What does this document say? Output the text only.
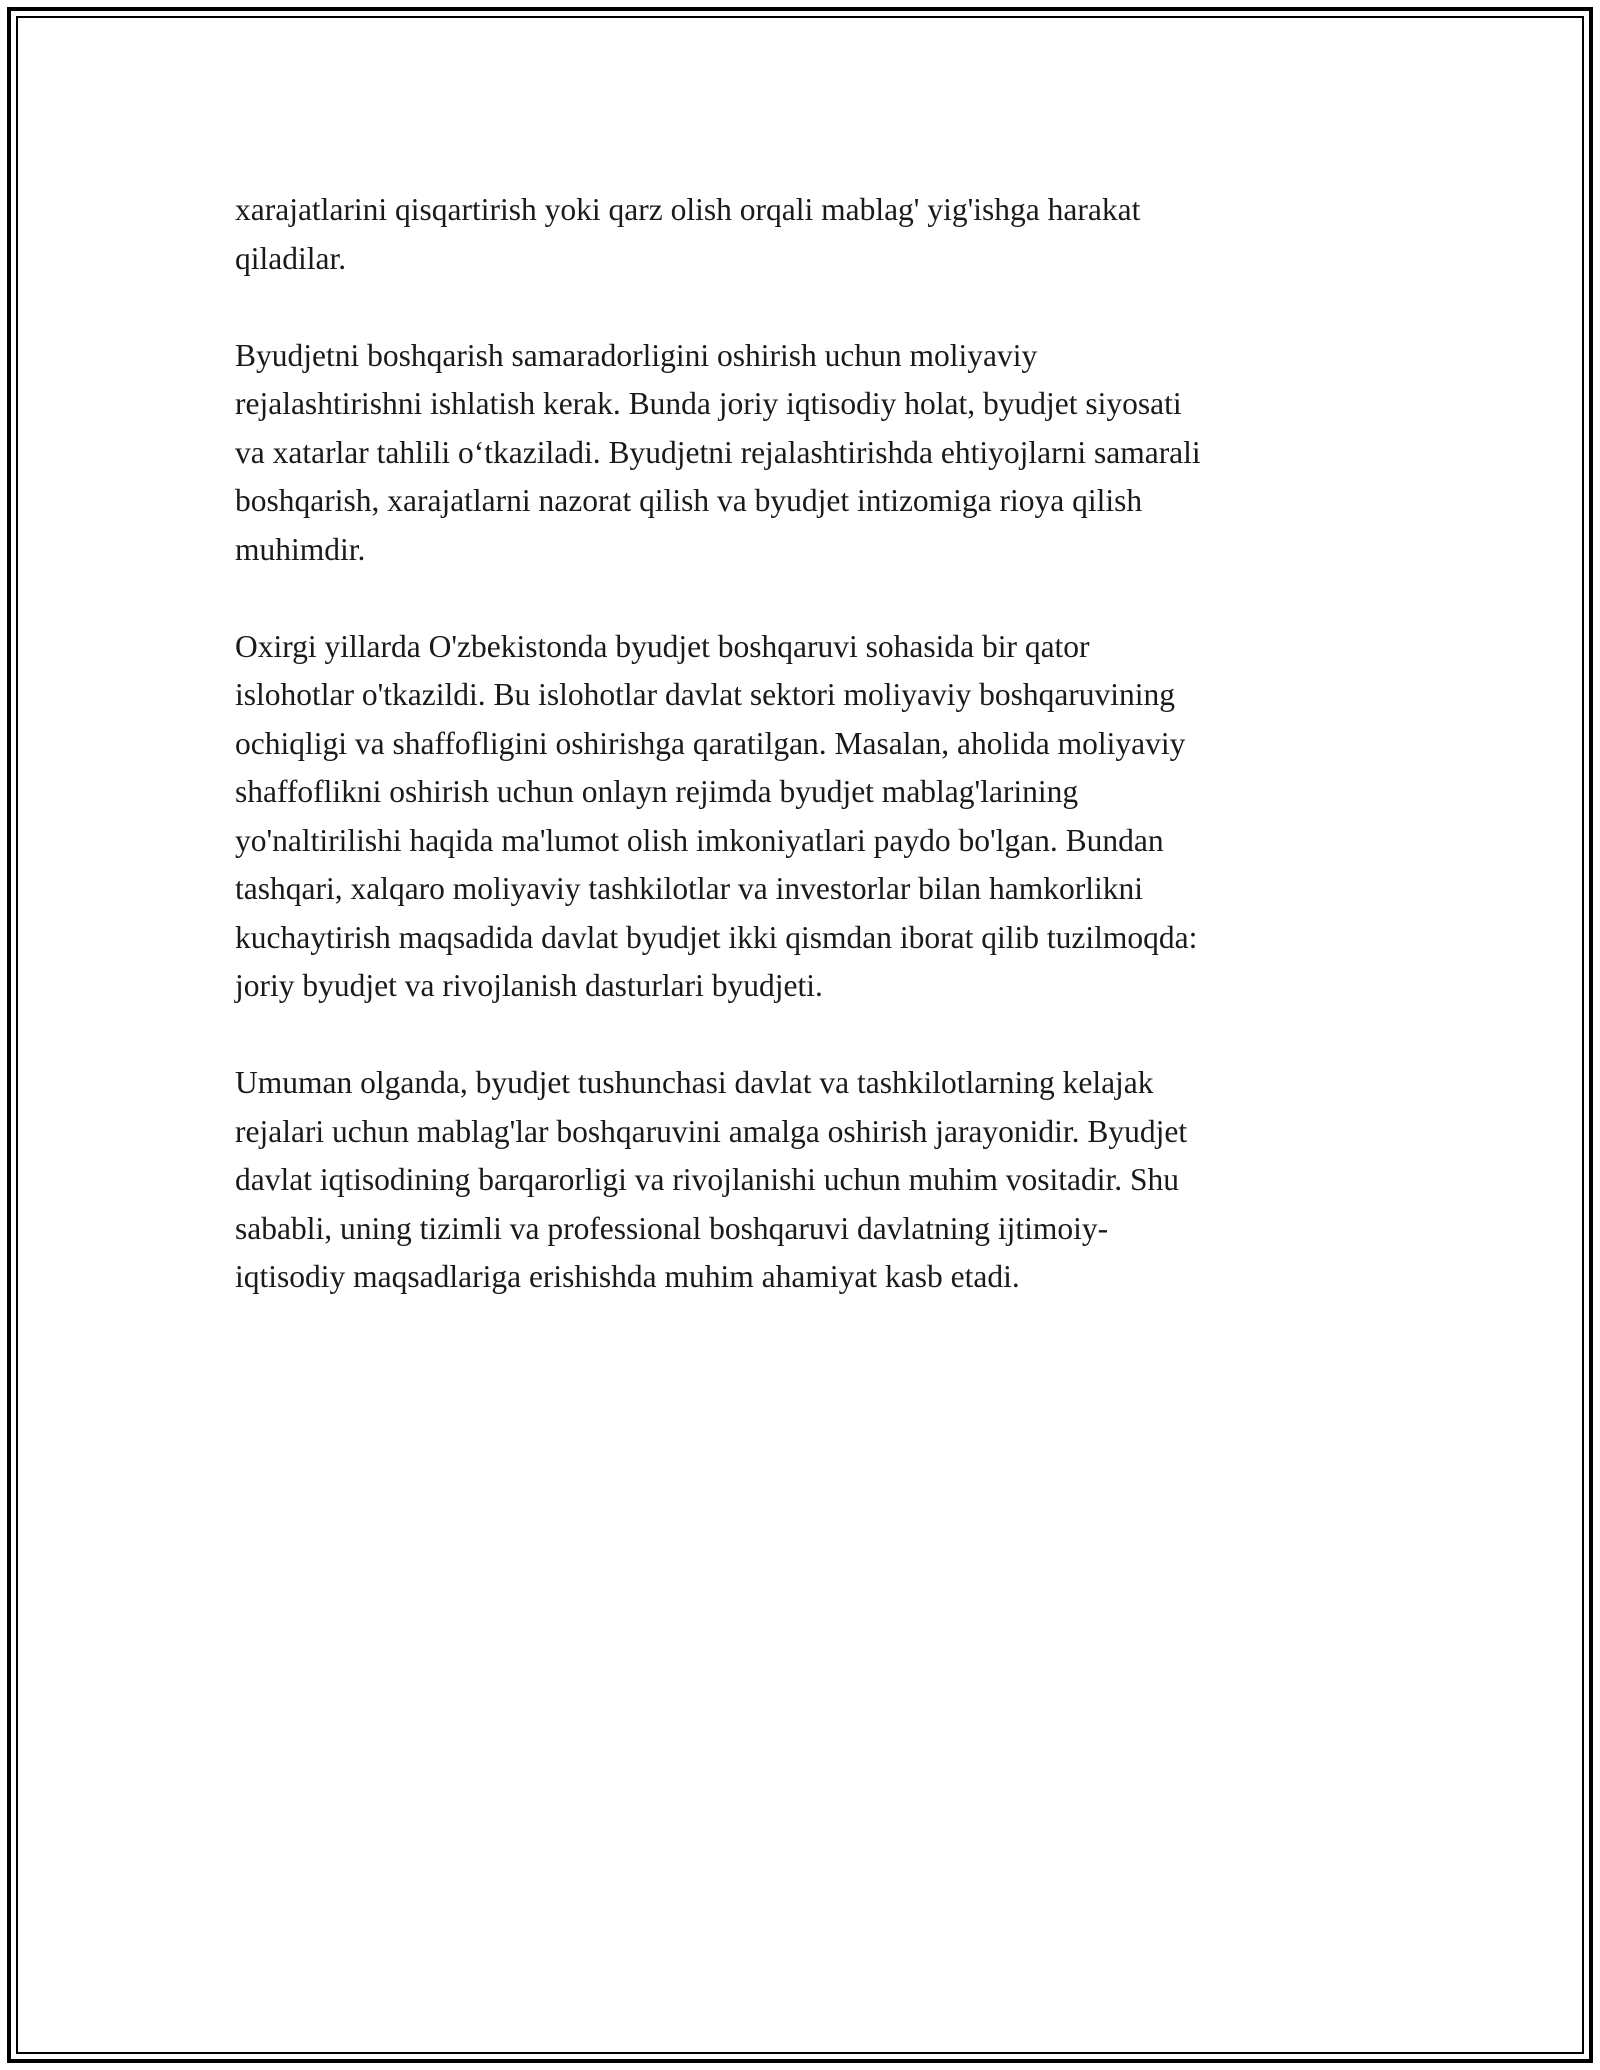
xarajatlarini qisqartirish yoki qarz olish orqali mablag' yig'ishga harakat
qiladilar.

Byudjetni boshqarish samaradorligini oshirish uchun moliyaviy
rejalashtirishni ishlatish kerak. Bunda joriy iqtisodiy holat, byudjet siyosati
va xatarlar tahlili o‘tkaziladi. Byudjetni rejalashtirishda ehtiyojlarni samarali
boshqarish, xarajatlarni nazorat qilish va byudjet intizomiga rioya qilish
muhimdir.

Oxirgi yillarda O'zbekistonda byudjet boshqaruvi sohasida bir qator
islohotlar o'tkazildi. Bu islohotlar davlat sektori moliyaviy boshqaruvining
ochiqligi va shaffofligini oshirishga qaratilgan. Masalan, aholida moliyaviy
shaffoflikni oshirish uchun onlayn rejimda byudjet mablag'larining
yo'naltirilishi haqida ma'lumot olish imkoniyatlari paydo bo'lgan. Bundan
tashqari, xalqaro moliyaviy tashkilotlar va investorlar bilan hamkorlikni
kuchaytirish maqsadida davlat byudjet ikki qismdan iborat qilib tuzilmoqda:
joriy byudjet va rivojlanish dasturlari byudjeti.

Umuman olganda, byudjet tushunchasi davlat va tashkilotlarning kelajak
rejalari uchun mablag'lar boshqaruvini amalga oshirish jarayonidir. Byudjet
davlat iqtisodining barqarorligi va rivojlanishi uchun muhim vositadir. Shu
sababli, uning tizimli va professional boshqaruvi davlatning ijtimoiy-
iqtisodiy maqsadlariga erishishda muhim ahamiyat kasb etadi.
